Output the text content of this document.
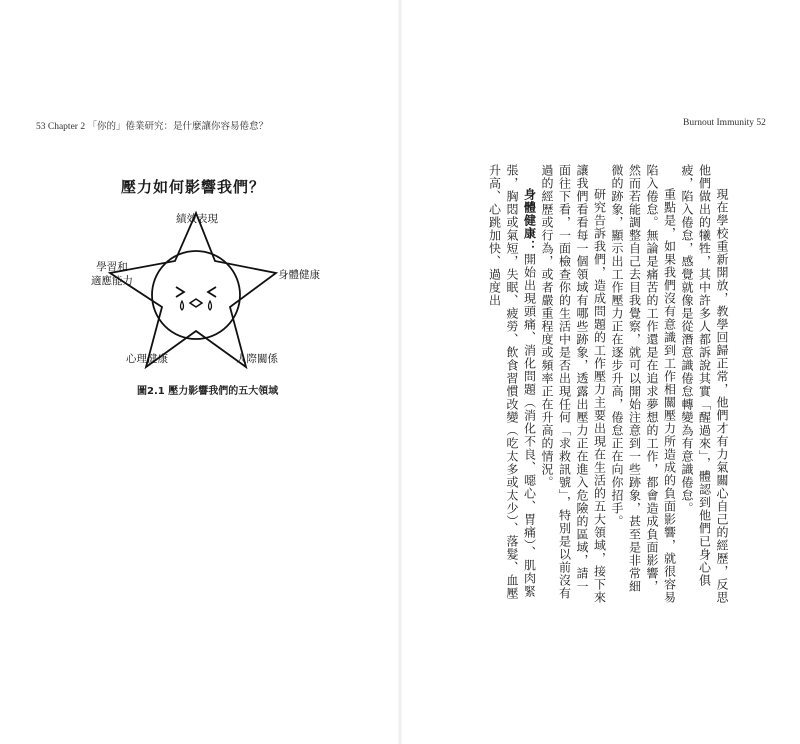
53 Chapter 2 「你的」倦業研究：是什麼讓你容易倦怠？
壓力如何影響我們？
績效表現
學習和
適應能力	身體健康
心理健康	人際關係
圖2.1 壓力影響我們的五大領域

Burnout Immunity 52

現在學校重新開放，教學回歸正常，他們才有力氣關心自己的經歷，反思他們做出的犧牲，其中許多人都訴說其實「醒過來」，體認到他們已身心俱疲，陷入倦怠，感覺就像是從潛意識倦怠轉變為有意識倦怠。

重點是，如果我們沒有意識到工作相關壓力所造成的負面影響，就很容易陷入倦怠。無論是痛苦的工作還是在追求夢想的工作，都會造成負面影響，然而若能調整自己去目我覺察，就可以開始注意到一些跡象，甚至是非常細微的跡象，顯示出工作壓力正在逐步升高，倦怠正在向你招手。

研究告訴我們，造成問題的工作壓力主要出現在生活的五大領域，接下來讓我們看看每一個領域有哪些跡象，透露出壓力正在進入危險的區域，請一面往下看，一面檢查你的生活中是否出現任何「求救訊號」，特別是以前沒有過的經歷或行為，或者嚴重程度或頻率正在升高的情況。

身體健康：開始出現頭痛、消化問題（消化不良、噁心、胃痛）、肌肉緊張，胸悶或氣短，失眠、疲勞、飲食習慣改變（吃太多或太少）、落髮、血壓升高、心跳加快、過度出
